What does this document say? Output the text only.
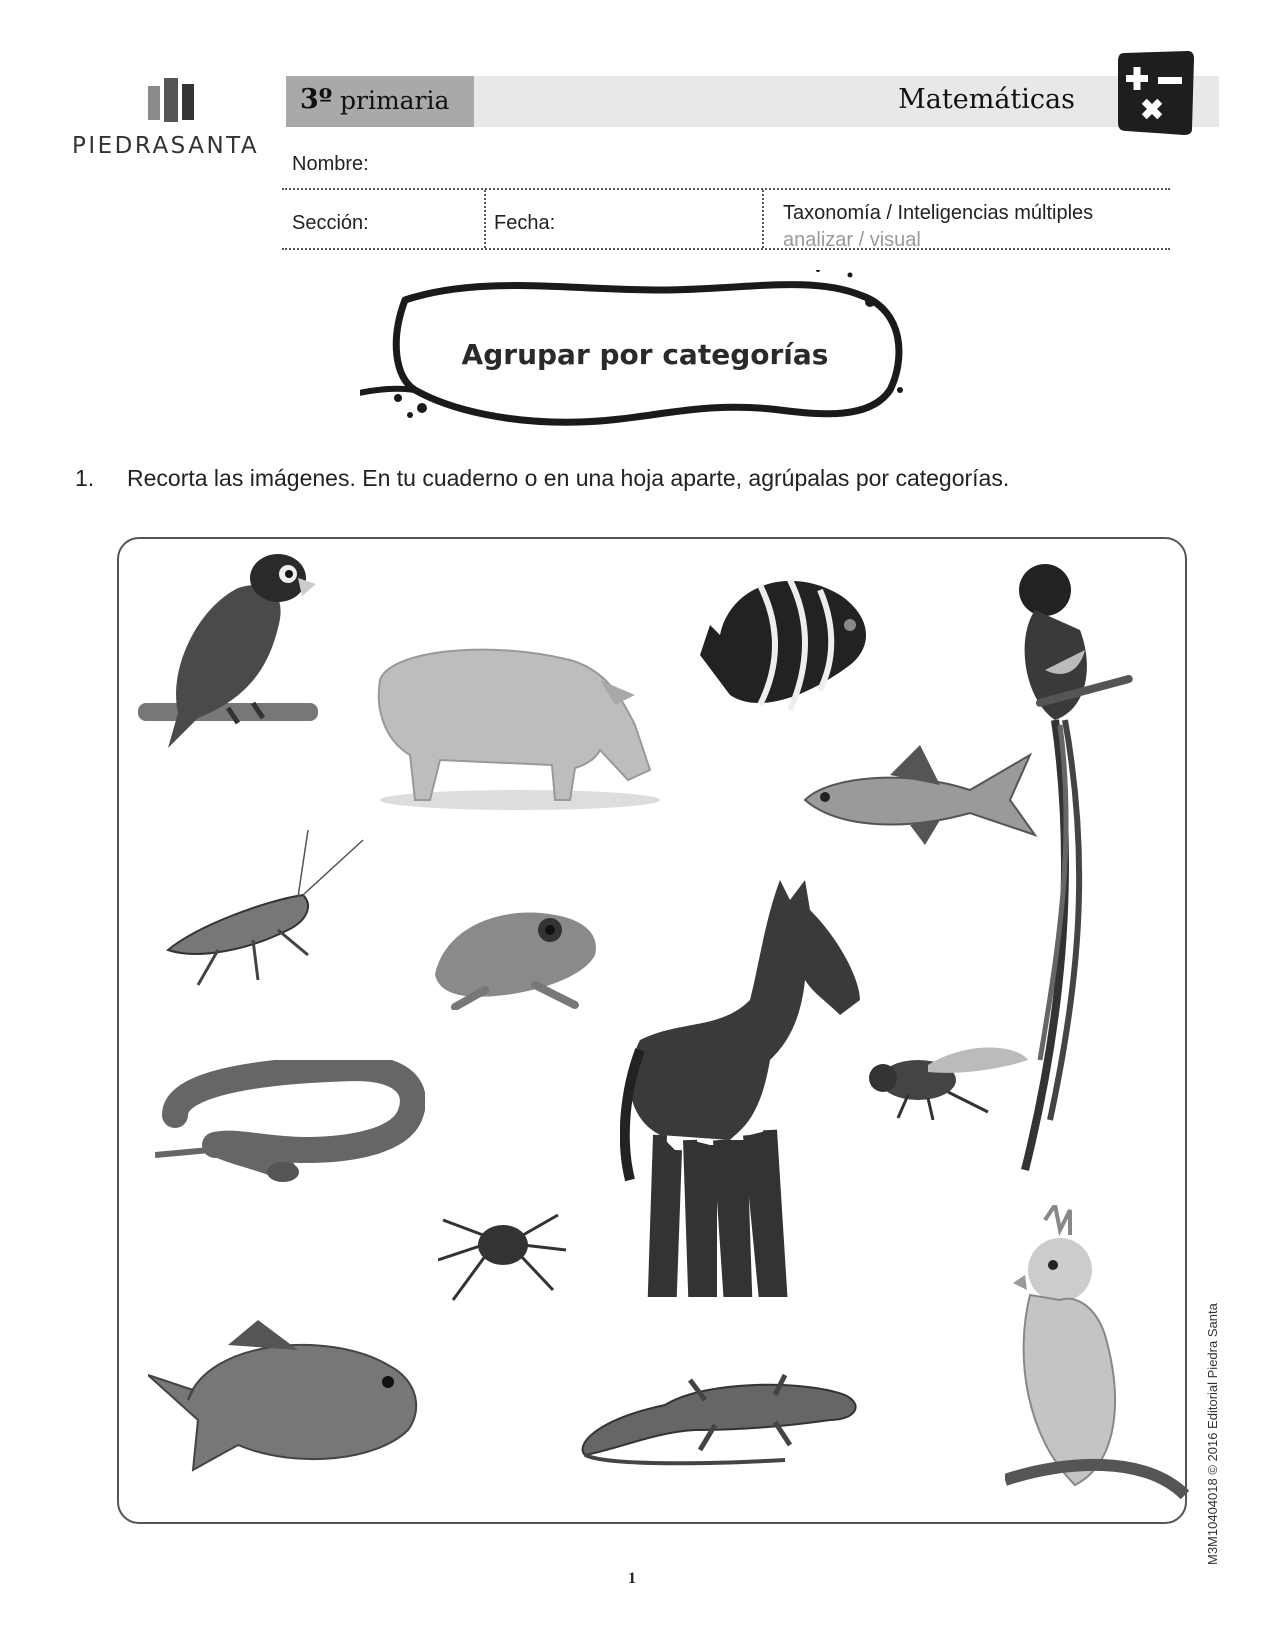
PIEDRASANTA
3º primaria	Matemáticas
Nombre:
Sección:	Fecha:	Taxonomía / Inteligencias múltiples
analizar / visual
Agrupar por categorías
1. Recorta las imágenes. En tu cuaderno o en una hoja aparte, agrúpalas por categorías.
M3M10404018 © 2016 Editorial Piedra Santa
1
